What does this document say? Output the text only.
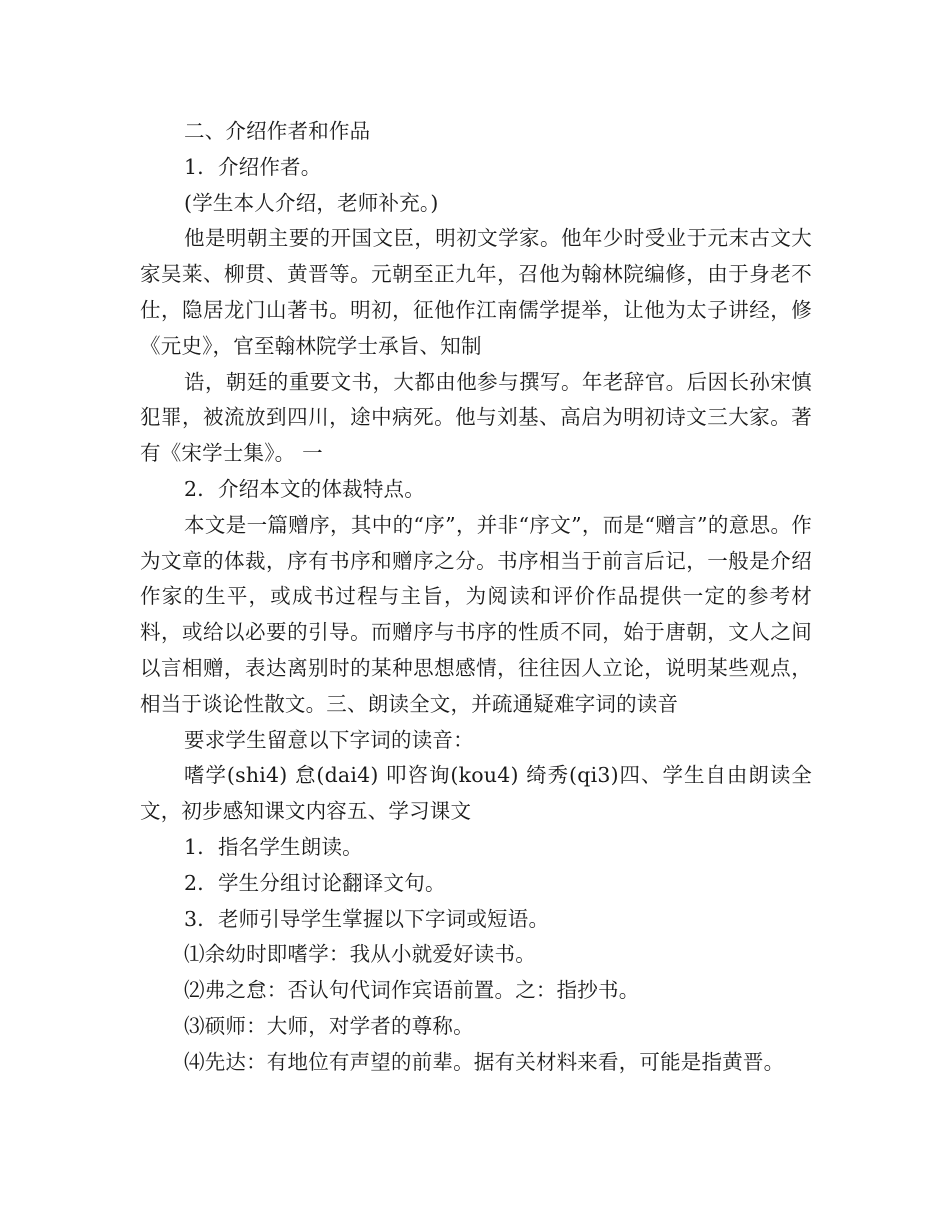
二、介绍作者和作品

1．介绍作者。

(学生本人介绍，老师补充。)

他是明朝主要的开国文臣，明初文学家。他年少时受业于元末古文大家吴莱、柳贯、黄晋等。元朝至正九年，召他为翰林院编修，由于身老不仕，隐居龙门山著书。明初，征他作江南儒学提举，让他为太子讲经，修《元史》，官至翰林院学士承旨、知制

诰，朝廷的重要文书，大都由他参与撰写。年老辞官。后因长孙宋慎犯罪，被流放到四川，途中病死。他与刘基、高启为明初诗文三大家。著有《宋学士集》。 一

2．介绍本文的体裁特点。

本文是一篇赠序，其中的“序”，并非“序文”，而是“赠言”的意思。作为文章的体裁，序有书序和赠序之分。书序相当于前言后记，一般是介绍作家的生平，或成书过程与主旨，为阅读和评价作品提供一定的参考材料，或给以必要的引导。而赠序与书序的性质不同，始于唐朝，文人之间以言相赠，表达离别时的某种思想感情，往往因人立论，说明某些观点，相当于谈论性散文。三、朗读全文，并疏通疑难字词的读音

要求学生留意以下字词的读音：

嗜学(shi4) 怠(dai4) 叩咨询(kou4) 绮秀(qi3)四、学生自由朗读全文，初步感知课文内容五、学习课文

1．指名学生朗读。

2．学生分组讨论翻译文句。

3．老师引导学生掌握以下字词或短语。

⑴余幼时即嗜学：我从小就爱好读书。

⑵弗之怠：否认句代词作宾语前置。之：指抄书。

⑶硕师：大师，对学者的尊称。

⑷先达：有地位有声望的前辈。据有关材料来看，可能是指黄晋。
